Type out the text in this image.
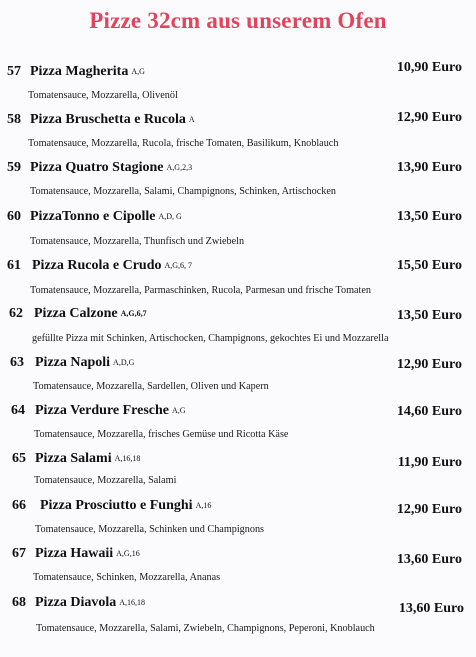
Pizze 32cm aus unserem Ofen
57 Pizza Magherita A,G	10,90 Euro
Tomatensauce, Mozzarella, Olivenöl
58 Pizza Bruschetta e Rucola A	12,90 Euro
Tomatensauce, Mozzarella, Rucola, frische Tomaten, Basilikum, Knoblauch
59 Pizza Quatro Stagione A,G,2,3	13,90 Euro
Tomatensauce, Mozzarella, Salami, Champignons, Schinken, Artischocken
60 PizzaTonno e Cipolle A,D, G	13,50 Euro
Tomatensauce, Mozzarella, Thunfisch und Zwiebeln
61 Pizza Rucola e Crudo A,G,6, 7	15,50 Euro
Tomatensauce, Mozzarella, Parmaschinken, Rucola, Parmesan und frische Tomaten
62 Pizza Calzone A,G,6,7	13,50 Euro
gefüllte Pizza mit Schinken, Artischocken, Champignons, gekochtes Ei und Mozzarella
63 Pizza Napoli A,D,G	12,90 Euro
Tomatensauce, Mozzarella, Sardellen, Oliven und Kapern
64 Pizza Verdure Fresche A,G	14,60 Euro
Tomatensauce, Mozzarella, frisches Gemüse und Ricotta Käse
65 Pizza Salami A,16,18	11,90 Euro
Tomatensauce, Mozzarella, Salami
66 Pizza Prosciutto e Funghi A,16	12,90 Euro
Tomatensauce, Mozzarella, Schinken und Champignons
67 Pizza Hawaii A,G,16	13,60 Euro
Tomatensauce, Schinken, Mozzarella, Ananas
68 Pizza Diavola A,16,18	13,60 Euro
Tomatensauce, Mozzarella, Salami, Zwiebeln, Champignons, Peperoni, Knoblauch
